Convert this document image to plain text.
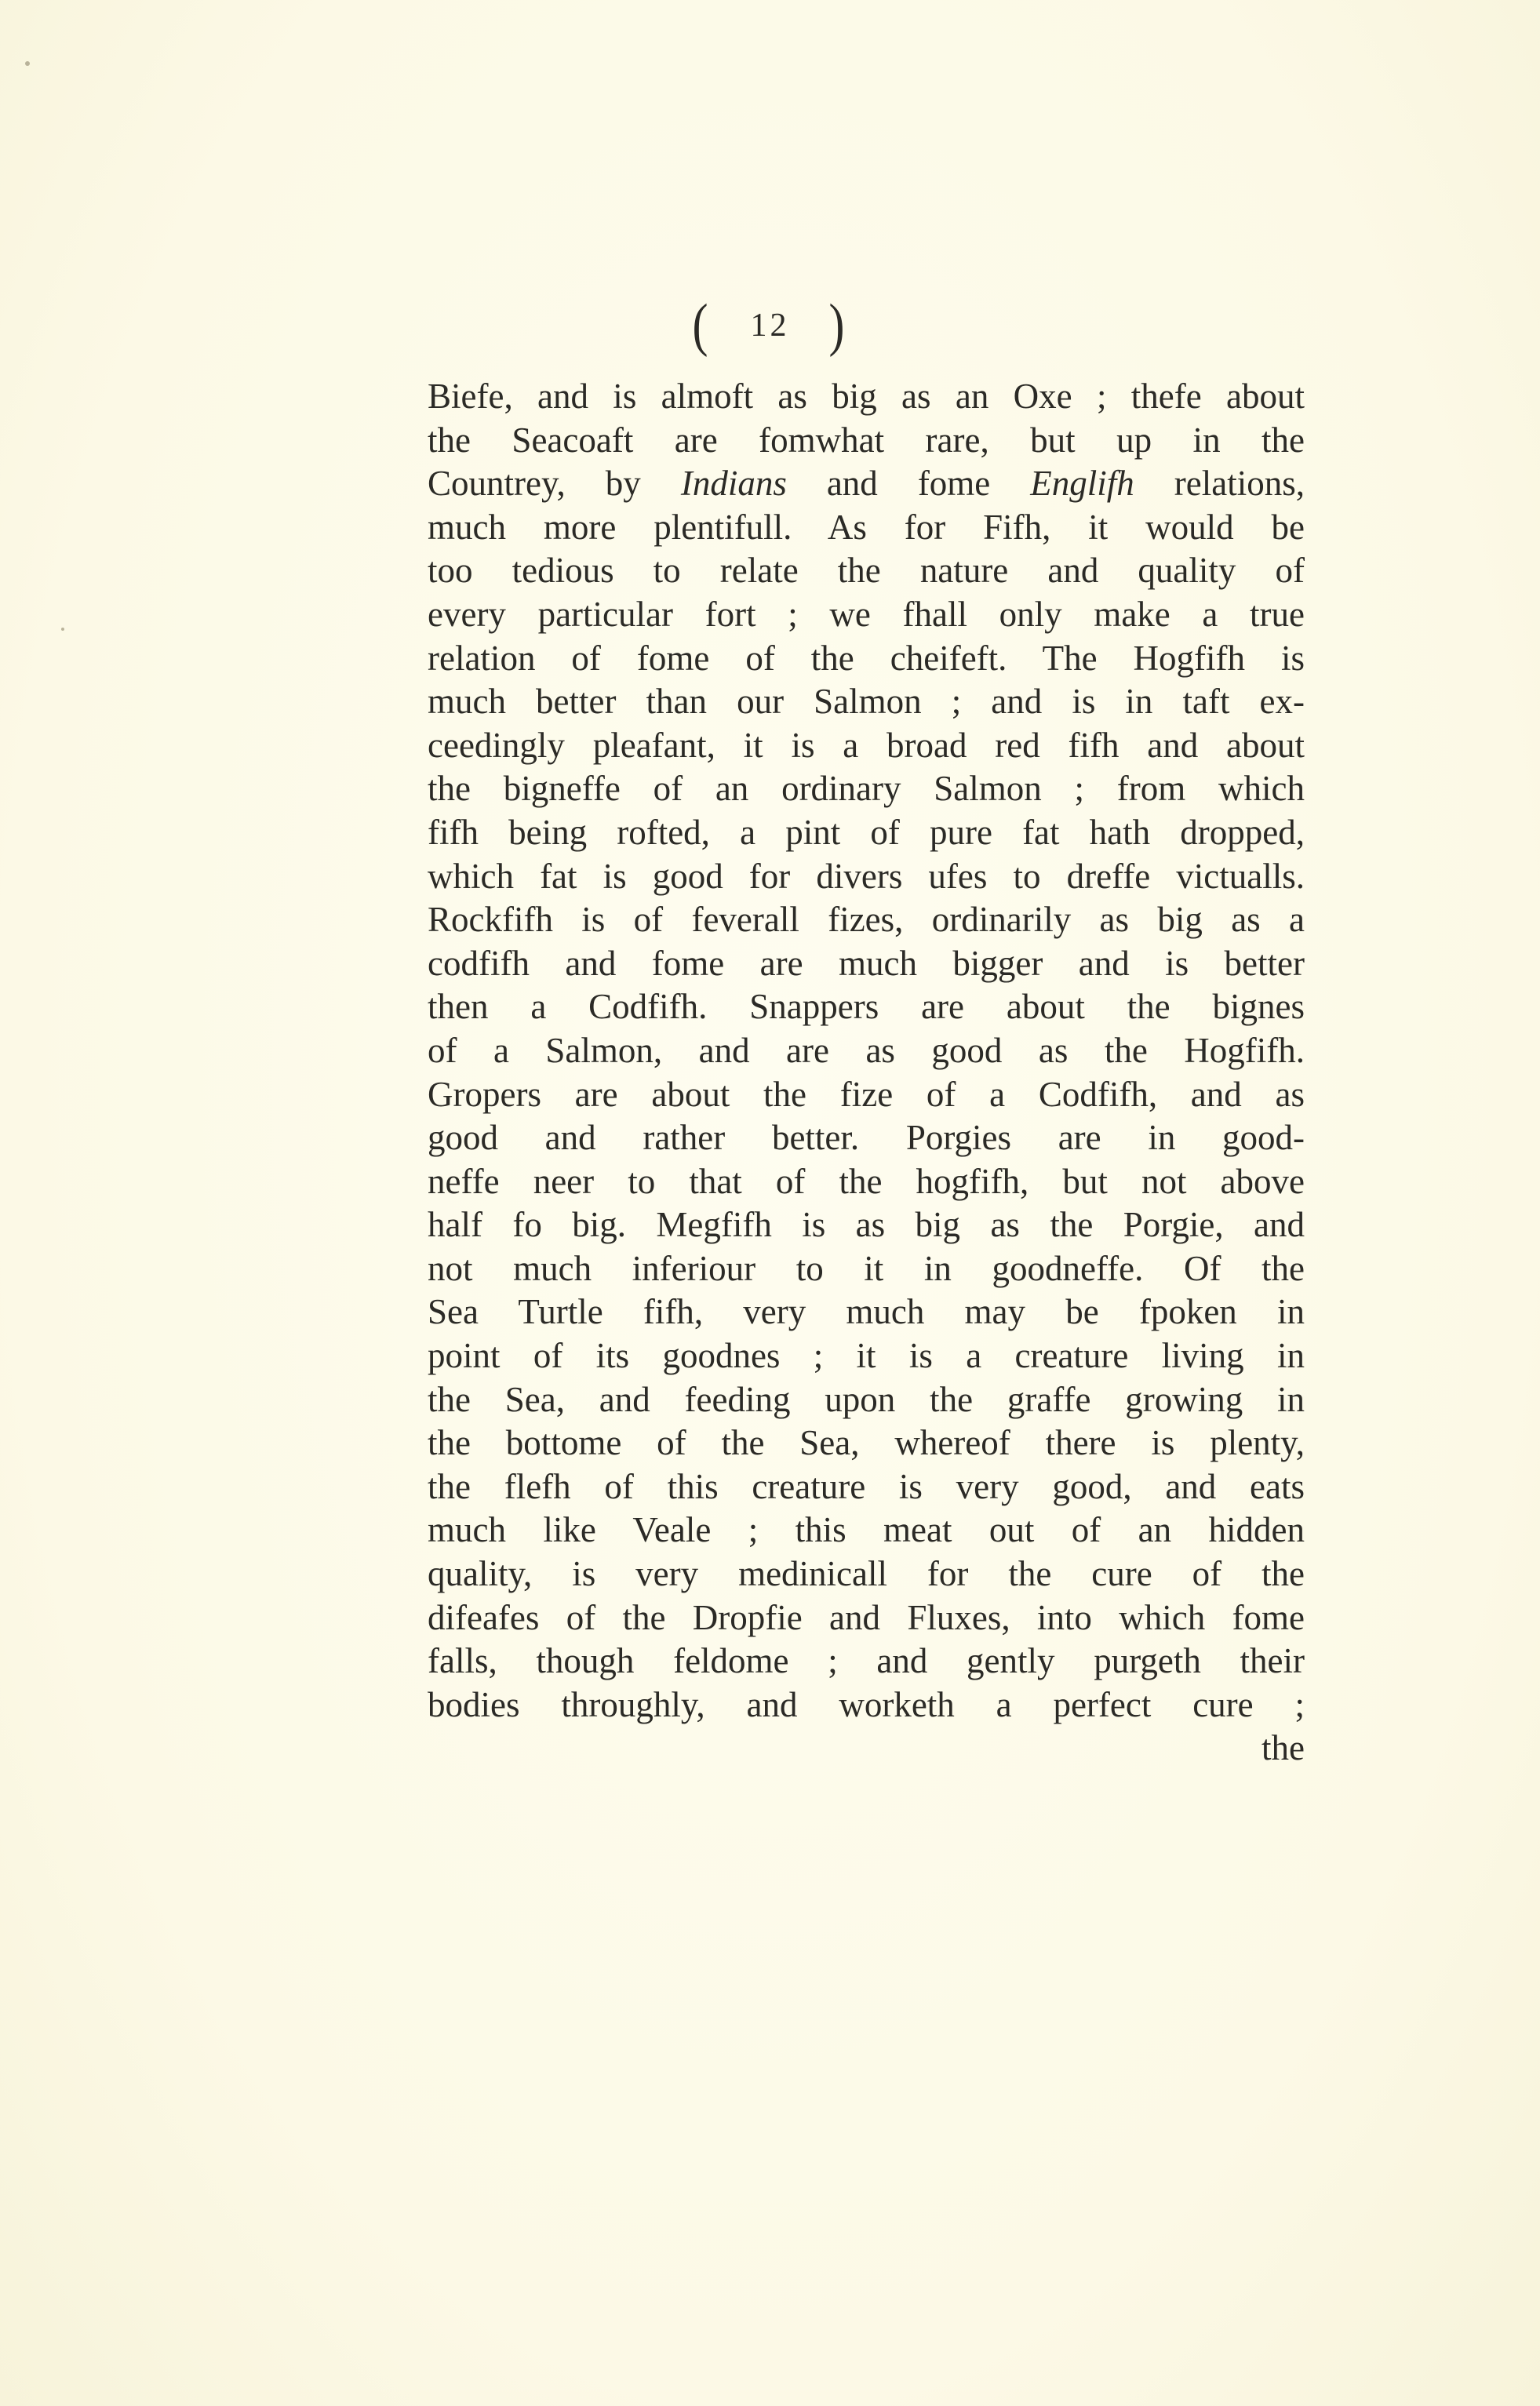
( 12 )
Biefe, and is almoft as big as an Oxe ; thefe about
the Seacoaft are fomwhat rare, but up in the
Countrey, by Indians and fome Englifh relations,
much more plentifull. As for Fifh, it would be
too tedious to relate the nature and quality of
every particular fort ; we fhall only make a true
relation of fome of the cheifeft. The Hogfifh is
much better than our Salmon ; and is in taft ex-
ceedingly pleafant, it is a broad red fifh and about
the bigneffe of an ordinary Salmon ; from which
fifh being rofted, a pint of pure fat hath dropped,
which fat is good for divers ufes to dreffe victualls.
Rockfifh is of feverall fizes, ordinarily as big as a
codfifh and fome are much bigger and is better
then a Codfifh. Snappers are about the bignes
of a Salmon, and are as good as the Hogfifh.
Gropers are about the fize of a Codfifh, and as
good and rather better. Porgies are in good-
neffe neer to that of the hogfifh, but not above
half fo big. Megfifh is as big as the Porgie, and
not much inferiour to it in goodneffe. Of the
Sea Turtle fifh, very much may be fpoken in
point of its goodnes ; it is a creature living in
the Sea, and feeding upon the graffe growing in
the bottome of the Sea, whereof there is plenty,
the flefh of this creature is very good, and eats
much like Veale ; this meat out of an hidden
quality, is very medinicall for the cure of the
difeafes of the Dropfie and Fluxes, into which fome
falls, though feldome ; and gently purgeth their
bodies throughly, and worketh a perfect cure ;
the
